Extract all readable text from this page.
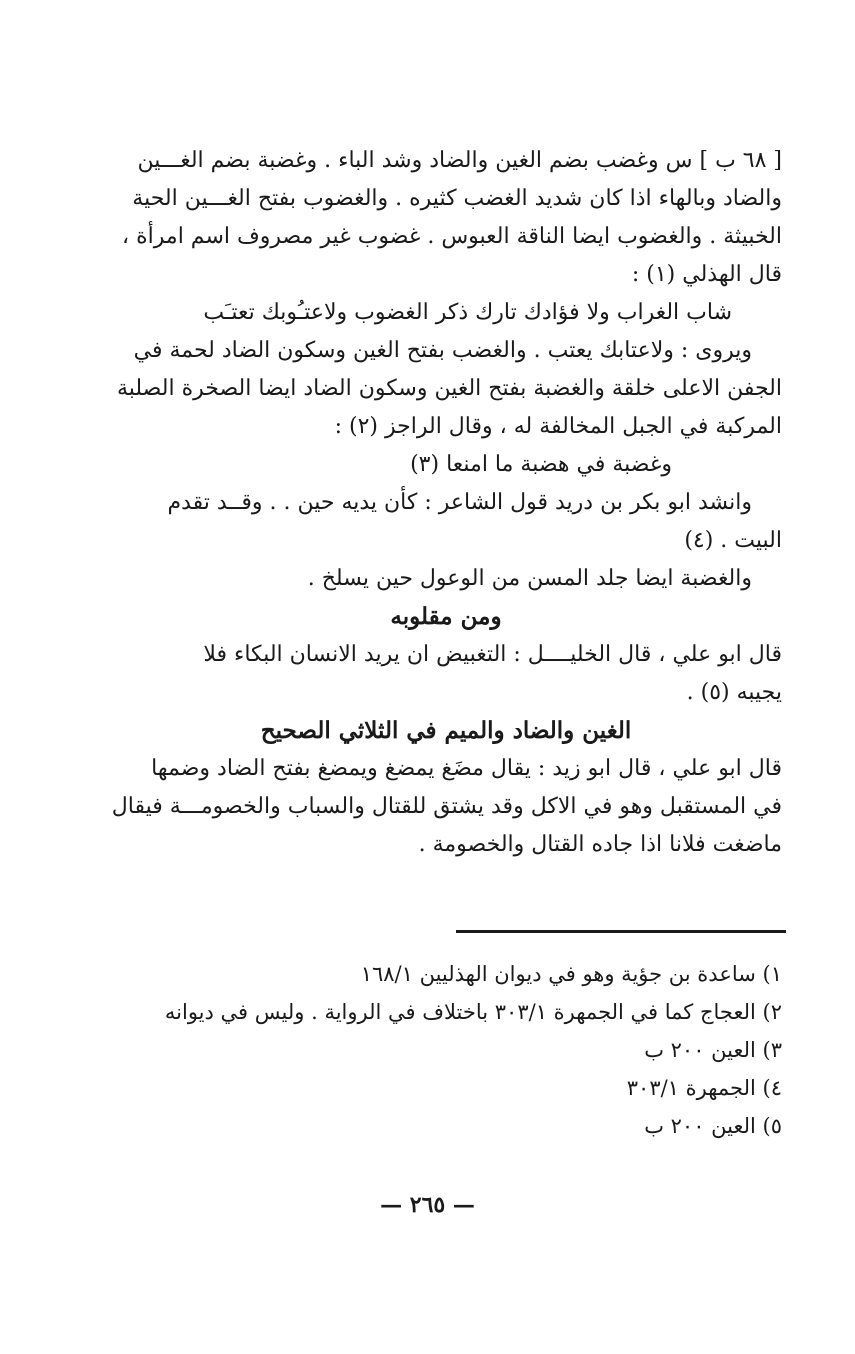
[ ٦٨ ب ] س وغضب بضم الغين والضاد وشد الباء . وغضبة بضم الغـــين
والضاد وبالهاء اذا كان شديد الغضب كثيره . والغضوب بفتح الغـــين الحية
الخبيثة . والغضوب ايضا الناقة العبوس . غضوب غير مصروف اسم امرأة ،
قال الهذلي (١) :
شاب الغراب ولا فؤادك تارك ذكر الغضوب ولاعتـُوبك تعتـَب
ويروى : ولاعتابك يعتب . والغضب بفتح الغين وسكون الضاد لحمة في
الجفن الاعلى خلقة والغضبة بفتح الغين وسكون الضاد ايضا الصخرة الصلبة
المركبة في الجبل المخالفة له ، وقال الراجز (٢) :
وغضبة في هضبة ما امنعا (٣)
وانشد ابو بكر بن دريد قول الشاعر : كأن يديه حين . . وقــد تقدم
البيت . (٤)
والغضبة ايضا جلد المسن من الوعول حين يسلخ .
ومن مقلوبه
قال ابو علي ، قال الخليــــل : التغبيض ان يريد الانسان البكاء فلا
يجيبه (٥) .
الغين والضاد والميم في الثلاثي الصحيح
قال ابو علي ، قال ابو زيد : يقال مضَغ يمضغ ويمضغ بفتح الضاد وضمها
في المستقبل وهو في الاكل وقد يشتق للقتال والسباب والخصومـــة فيقال
ماضغت فلانا اذا جاده القتال والخصومة .
١) ساعدة بن جؤية وهو في ديوان الهذليين ١٦٨/١
٢) العجاج كما في الجمهرة ٣٠٣/١ باختلاف في الرواية . وليس في ديوانه
٣) العين ٢٠٠ ب
٤) الجمهرة ٣٠٣/١
٥) العين ٢٠٠ ب
— ٢٦٥ —
